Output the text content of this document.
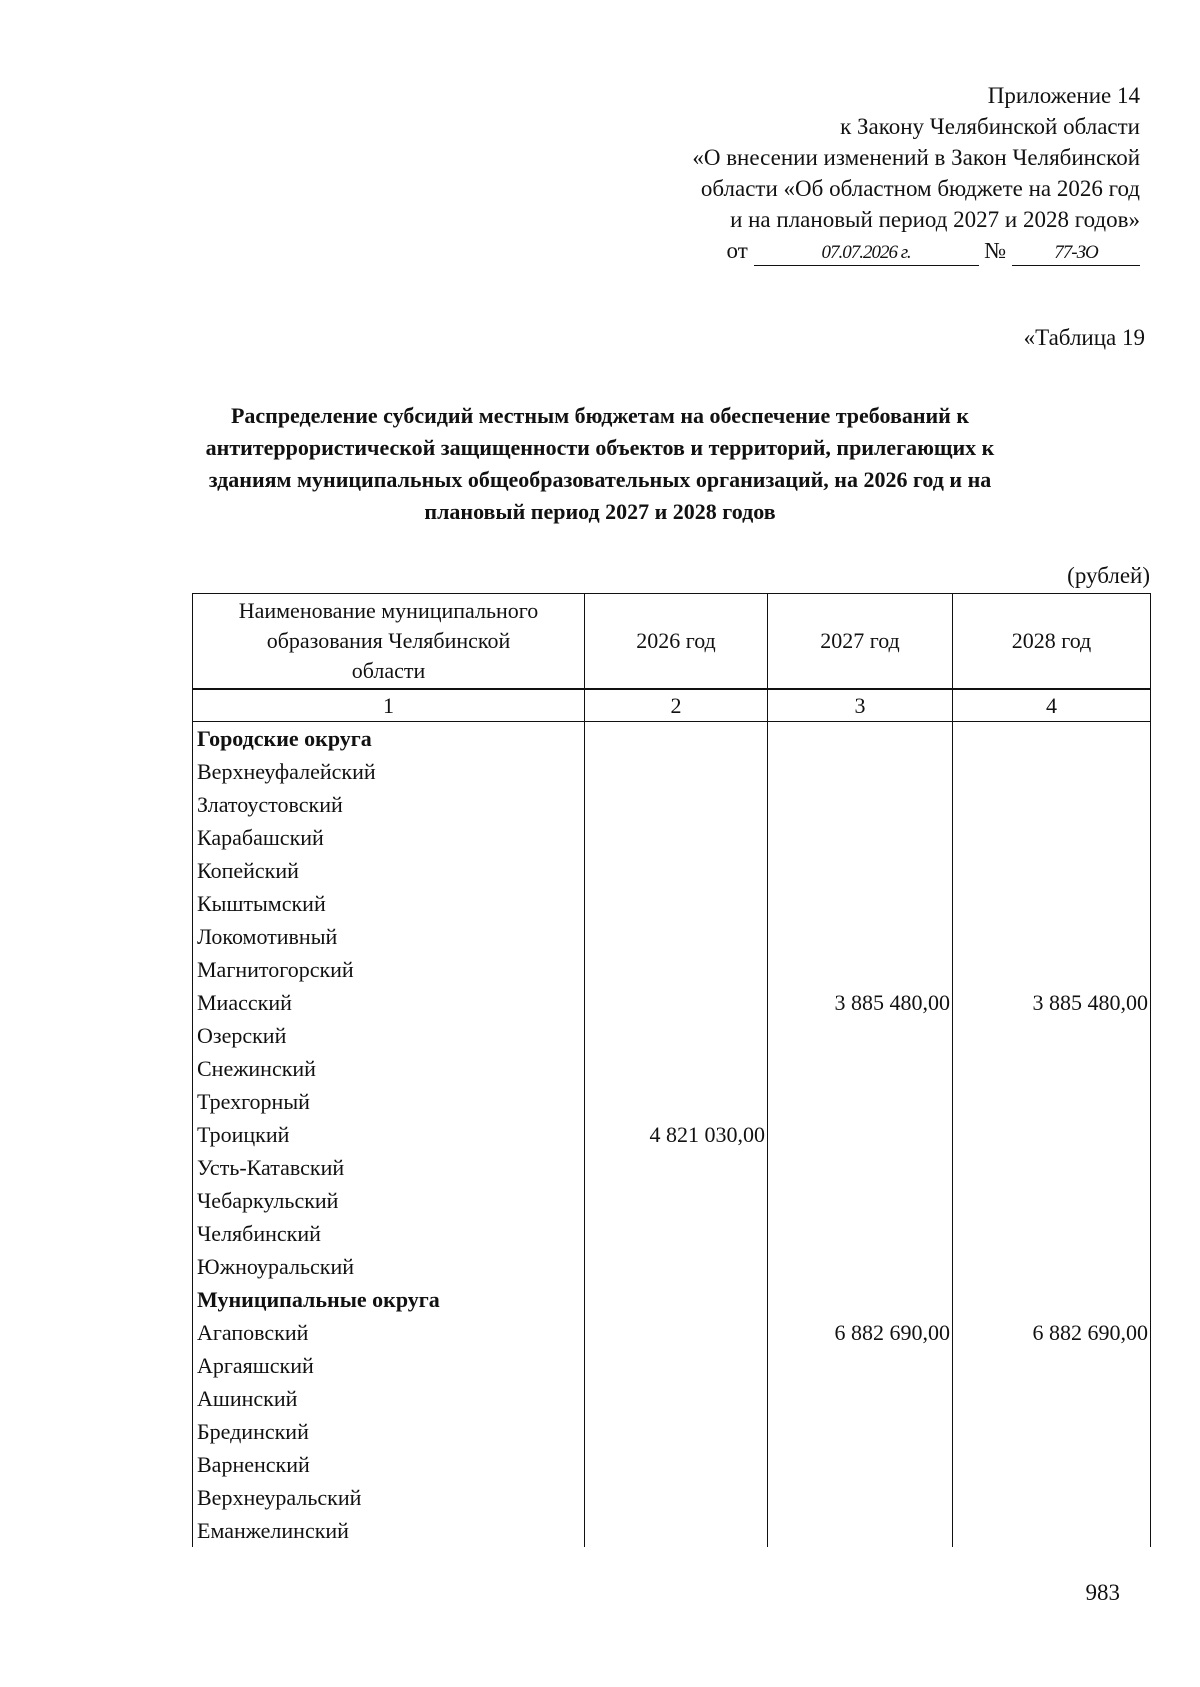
Приложение 14
к Закону Челябинской области
«О внесении изменений в Закон Челябинской
области «Об областном бюджете на 2026 год
и на плановый период 2027 и 2028 годов»
от	07.07.2026 г.	№	77-ЗО
«Таблица 19
Распределение субсидий местным бюджетам на обеспечение требований к
антитеррористической защищенности объектов и территорий, прилегающих к
зданиям муниципальных общеобразовательных организаций, на 2026 год и на
плановый период 2027 и 2028 годов
(рублей)
Наименование муниципального
образования Челябинской
области	2026 год	2027 год	2028 год
1	2	3	4
Городские округа			
Верхнеуфалейский			
Златоустовский			
Карабашский			
Копейский			
Кыштымский			
Локомотивный			
Магнитогорский			
Миасский		3 885 480,00	3 885 480,00
Озерский			
Снежинский			
Трехгорный			
Троицкий	4 821 030,00		
Усть-Катавский			
Чебаркульский			
Челябинский			
Южноуральский			
Муниципальные округа			
Агаповский		6 882 690,00	6 882 690,00
Аргаяшский			
Ашинский			
Брединский			
Варненский			
Верхнеуральский			
Еманжелинский			
983
